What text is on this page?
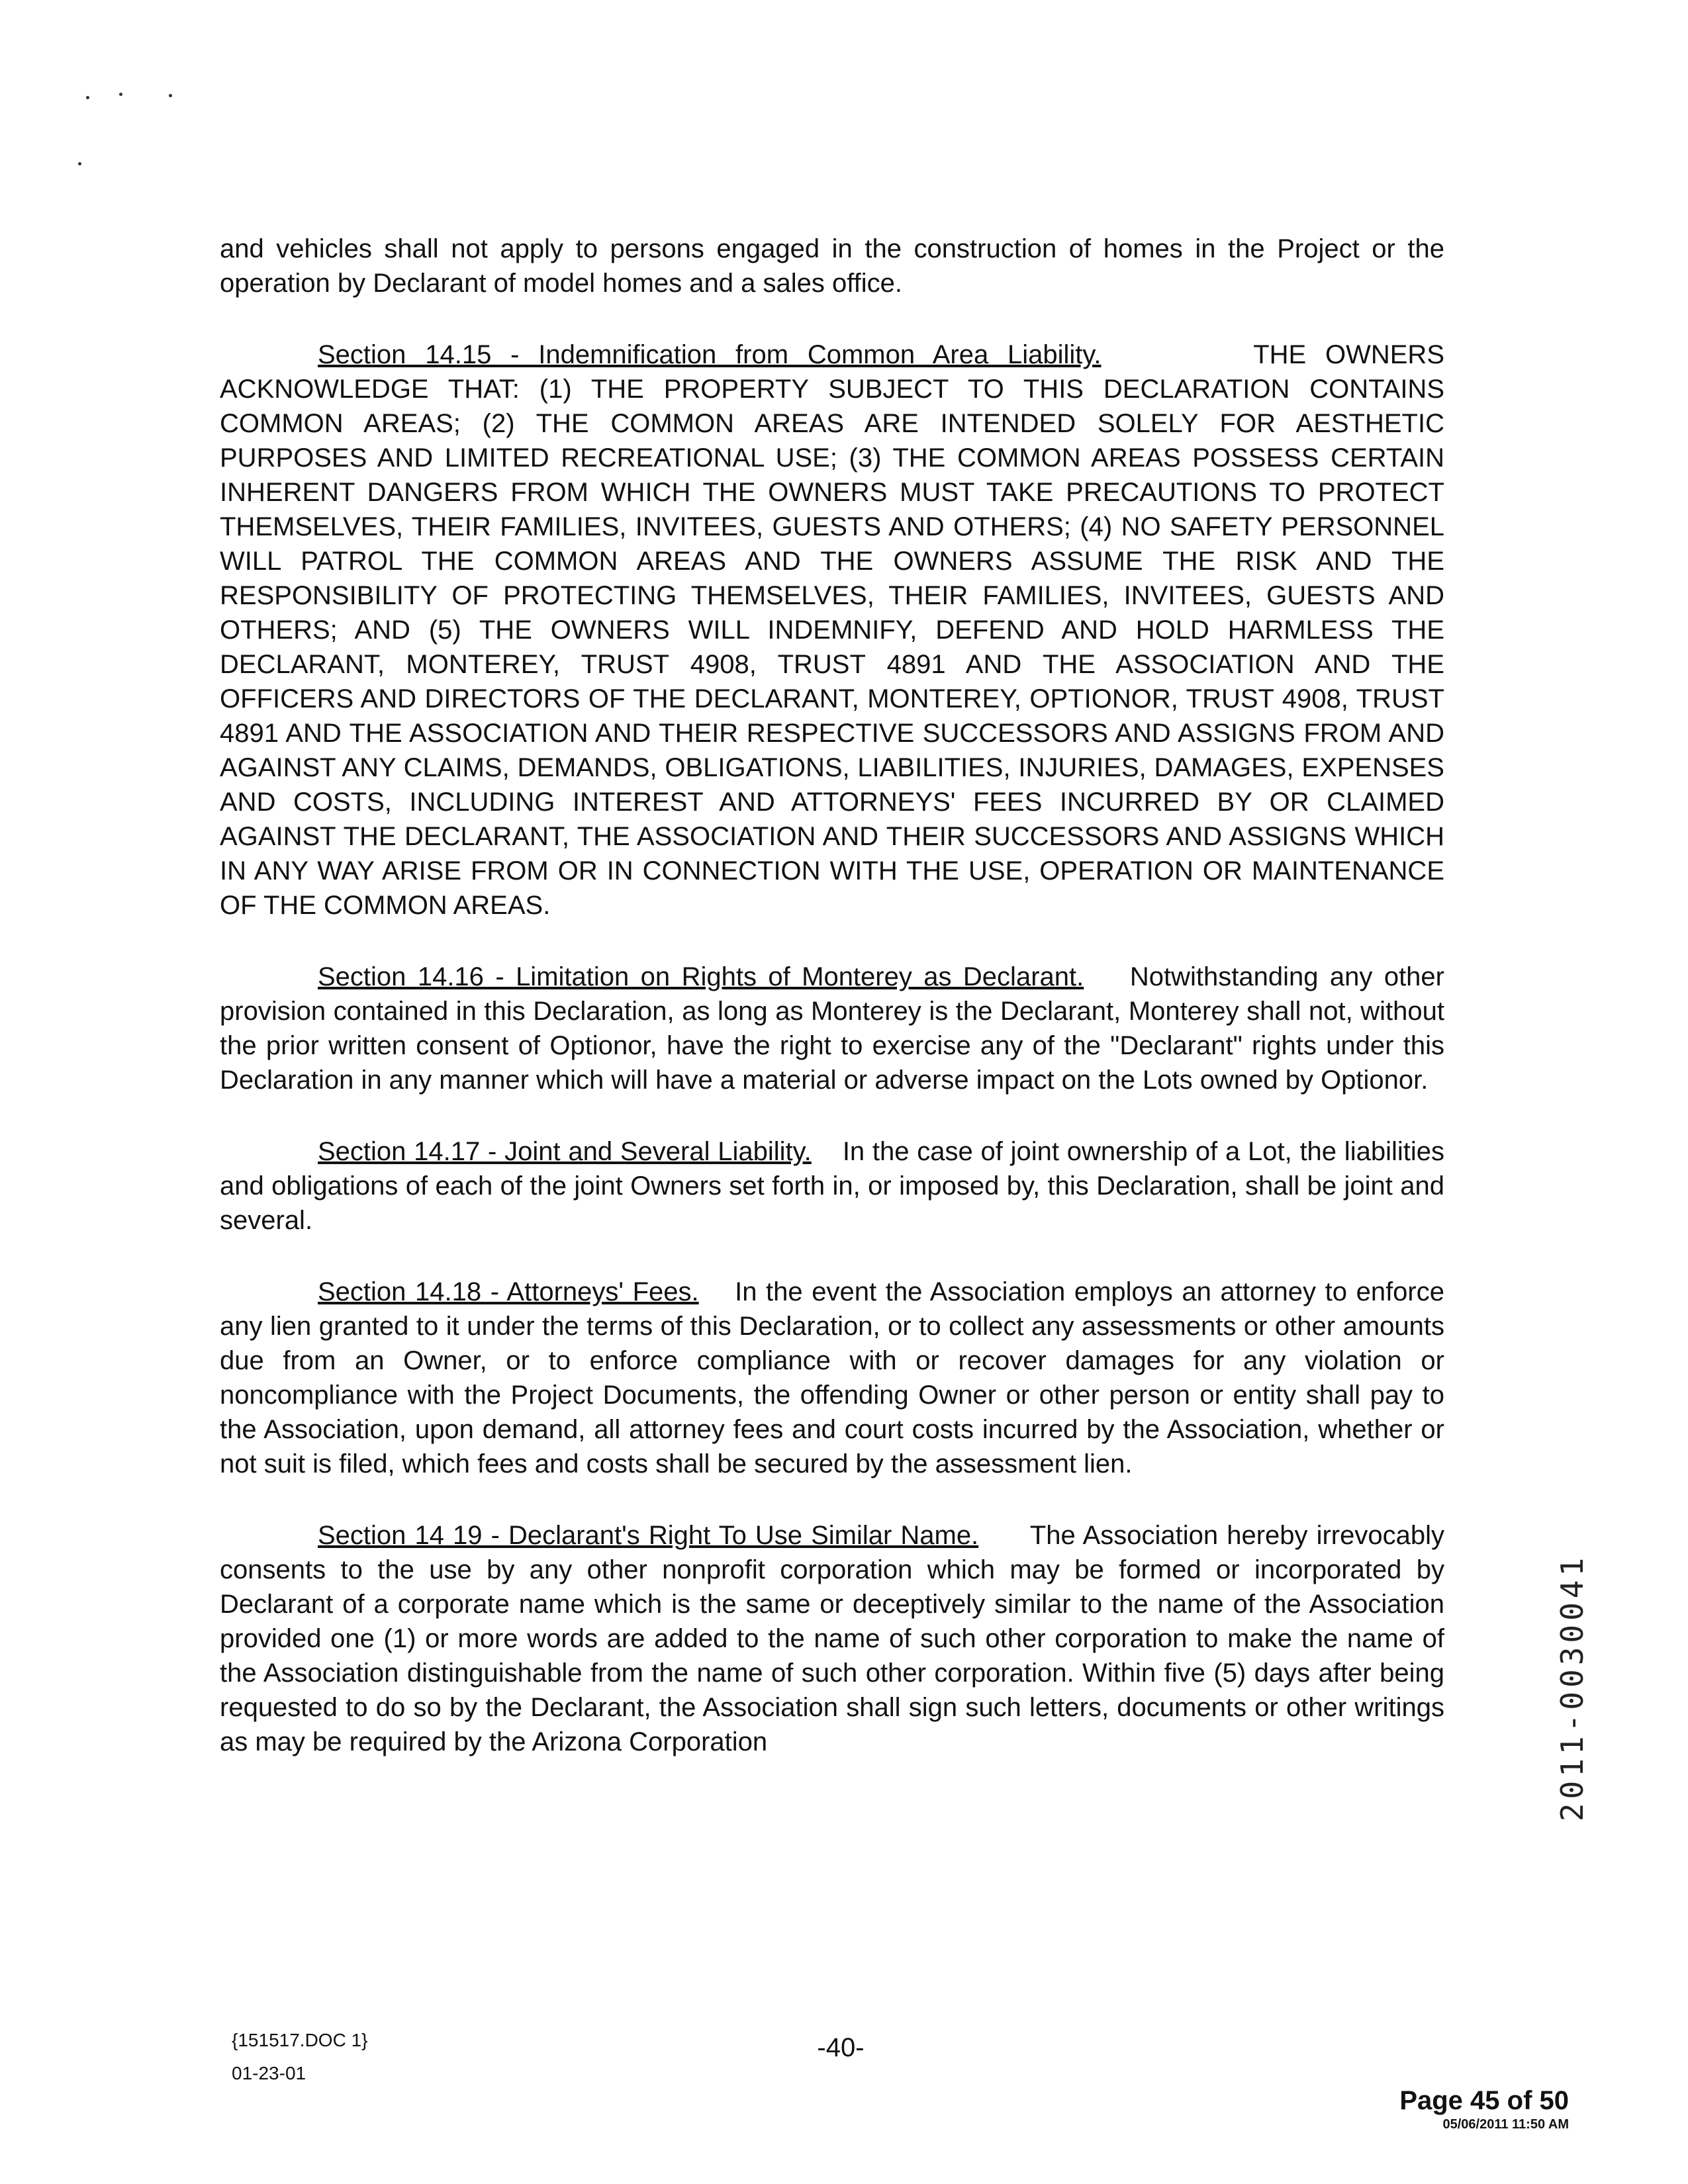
and vehicles shall not apply to persons engaged in the construction of homes in the Project or the operation by Declarant of model homes and a sales office.

Section 14.15 - Indemnification from Common Area Liability.	THE OWNERS ACKNOWLEDGE THAT: (1) THE PROPERTY SUBJECT TO THIS DECLARATION CONTAINS COMMON AREAS; (2) THE COMMON AREAS ARE INTENDED SOLELY FOR AESTHETIC PURPOSES AND LIMITED RECREATIONAL USE; (3) THE COMMON AREAS POSSESS CERTAIN INHERENT DANGERS FROM WHICH THE OWNERS MUST TAKE PRECAUTIONS TO PROTECT THEMSELVES, THEIR FAMILIES, INVITEES, GUESTS AND OTHERS; (4) NO SAFETY PERSONNEL WILL PATROL THE COMMON AREAS AND THE OWNERS ASSUME THE RISK AND THE RESPONSIBILITY OF PROTECTING THEMSELVES, THEIR FAMILIES, INVITEES, GUESTS AND OTHERS; AND (5) THE OWNERS WILL INDEMNIFY, DEFEND AND HOLD HARMLESS THE DECLARANT, MONTEREY, TRUST 4908, TRUST 4891 AND THE ASSOCIATION AND THE OFFICERS AND DIRECTORS OF THE DECLARANT, MONTEREY, OPTIONOR, TRUST 4908, TRUST 4891 AND THE ASSOCIATION AND THEIR RESPECTIVE SUCCESSORS AND ASSIGNS FROM AND AGAINST ANY CLAIMS, DEMANDS, OBLIGATIONS, LIABILITIES, INJURIES, DAMAGES, EXPENSES AND COSTS, INCLUDING INTEREST AND ATTORNEYS' FEES INCURRED BY OR CLAIMED AGAINST THE DECLARANT, THE ASSOCIATION AND THEIR SUCCESSORS AND ASSIGNS WHICH IN ANY WAY ARISE FROM OR IN CONNECTION WITH THE USE, OPERATION OR MAINTENANCE OF THE COMMON AREAS.

Section 14.16 - Limitation on Rights of Monterey as Declarant. Notwithstanding any other provision contained in this Declaration, as long as Monterey is the Declarant, Monterey shall not, without the prior written consent of Optionor, have the right to exercise any of the "Declarant" rights under this Declaration in any manner which will have a material or adverse impact on the Lots owned by Optionor.

Section 14.17 - Joint and Several Liability. In the case of joint ownership of a Lot, the liabilities and obligations of each of the joint Owners set forth in, or imposed by, this Declaration, shall be joint and several.

Section 14.18 - Attorneys' Fees. In the event the Association employs an attorney to enforce any lien granted to it under the terms of this Declaration, or to collect any assessments or other amounts due from an Owner, or to enforce compliance with or recover damages for any violation or noncompliance with the Project Documents, the offending Owner or other person or entity shall pay to the Association, upon demand, all attorney fees and court costs incurred by the Association, whether or not suit is filed, which fees and costs shall be secured by the assessment lien.

Section 14 19 - Declarant's Right To Use Similar Name. The Association hereby irrevocably consents to the use by any other nonprofit corporation which may be formed or incorporated by Declarant of a corporate name which is the same or deceptively similar to the name of the Association provided one (1) or more words are added to the name of such other corporation to make the name of the Association distinguishable from the name of such other corporation. Within five (5) days after being requested to do so by the Declarant, the Association shall sign such letters, documents or other writings as may be required by the Arizona Corporation

{151517.DOC 1}
01-23-01
-40-
2011-0030041
Page 45 of 50
05/06/2011 11:50 AM
